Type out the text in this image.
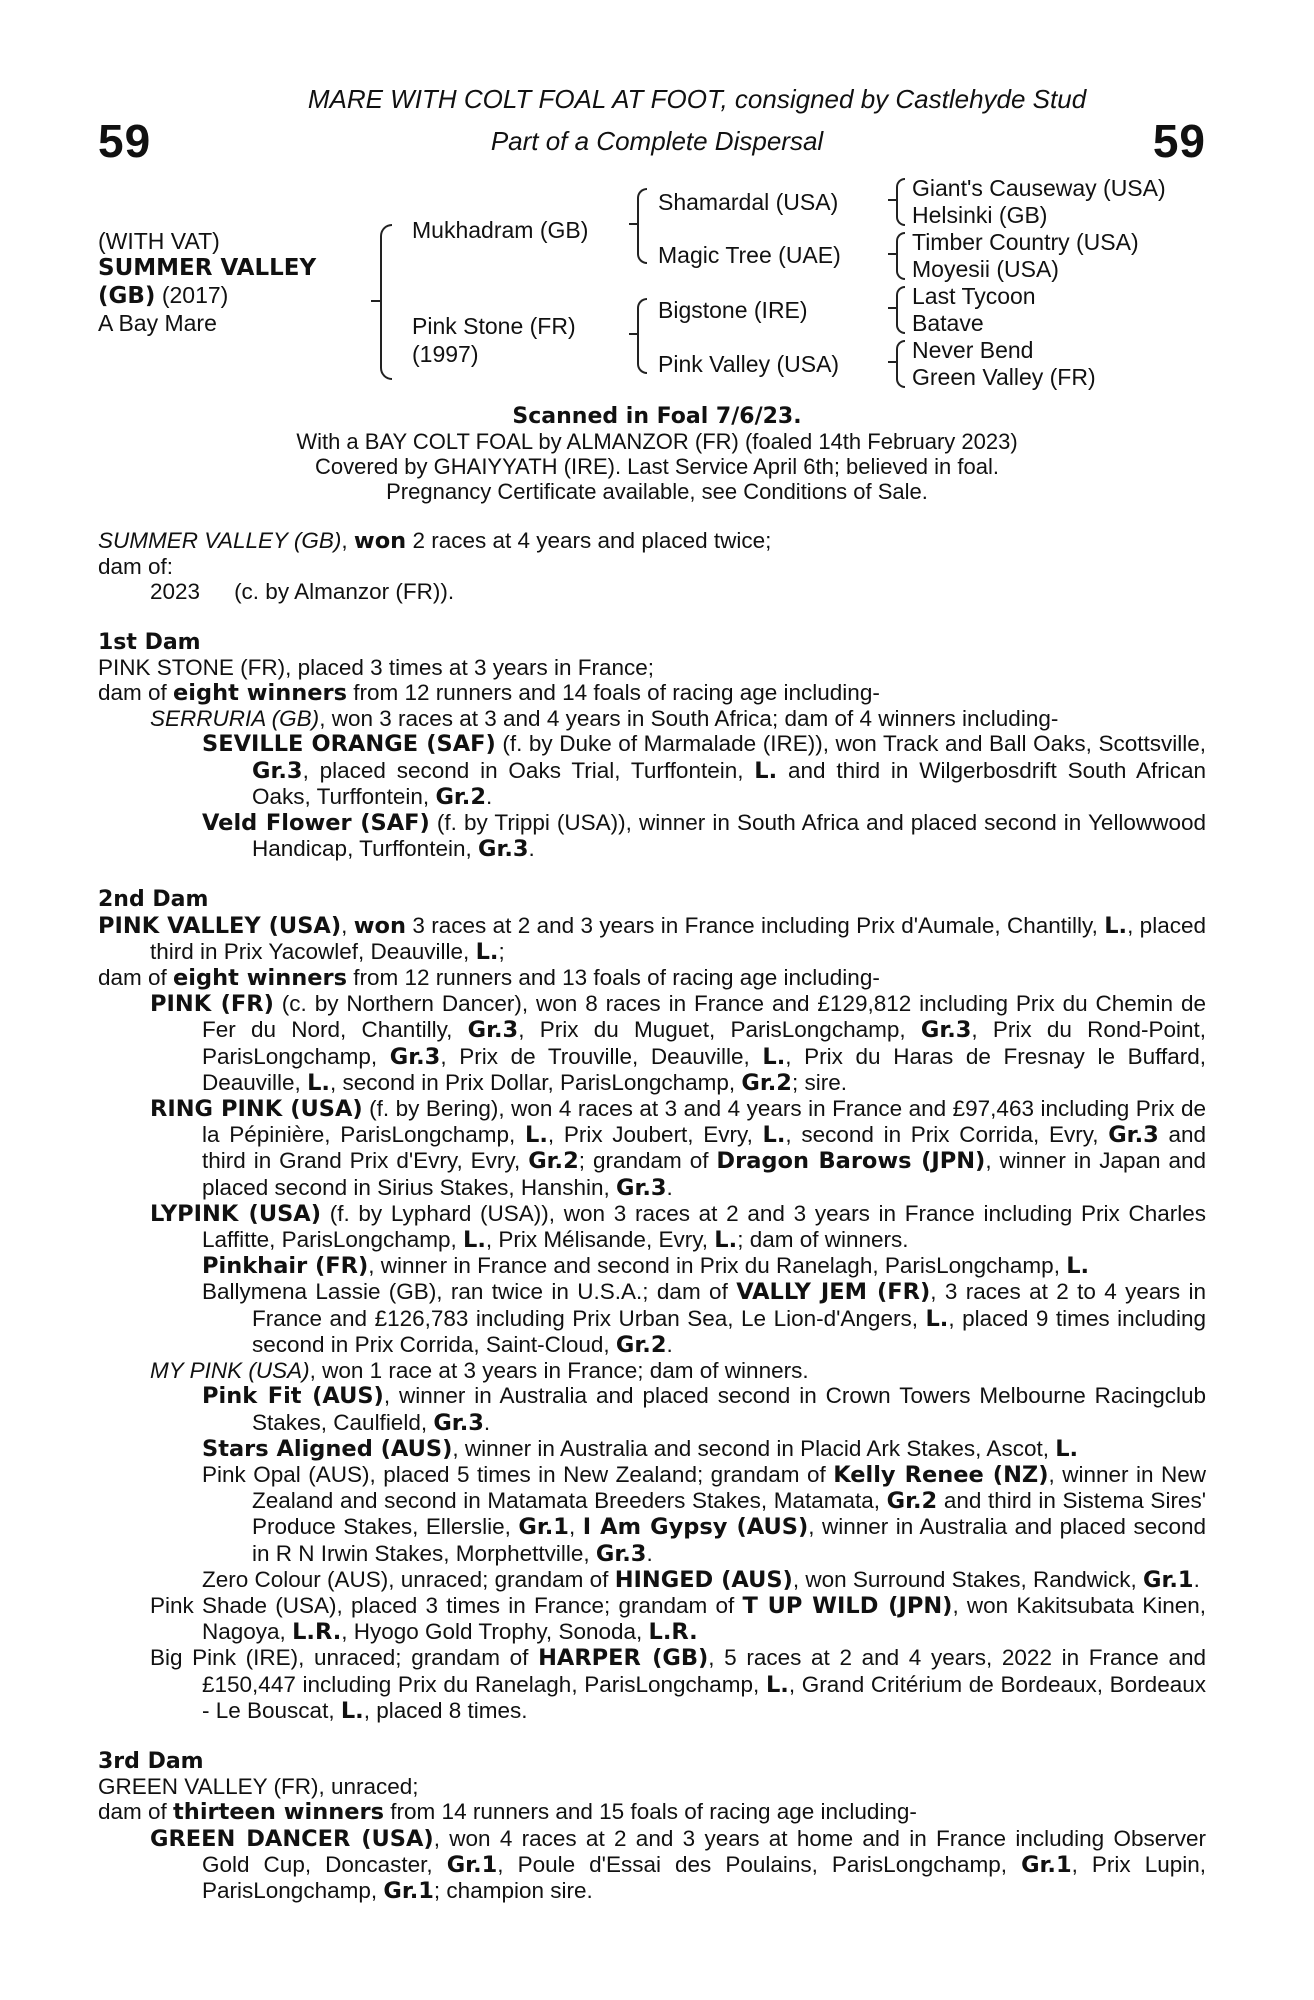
59	59
MARE WITH COLT FOAL AT FOOT, consigned by Castlehyde Stud
Part of a Complete Dispersal
(WITH VAT)
SUMMER VALLEY
(GB) (2017)
A Bay Mare
Mukhadram (GB)
Pink Stone (FR)
(1997)
Shamardal (USA)
Magic Tree (UAE)
Bigstone (IRE)
Pink Valley (USA)
Giant's Causeway (USA)
Helsinki (GB)
Timber Country (USA)
Moyesii (USA)
Last Tycoon
Batave
Never Bend
Green Valley (FR)
Scanned in Foal 7/6/23.
With a BAY COLT FOAL by ALMANZOR (FR) (foaled 14th February 2023)
Covered by GHAIYYATH (IRE). Last Service April 6th; believed in foal.
Pregnancy Certificate available, see Conditions of Sale.

SUMMER VALLEY (GB), won 2 races at 4 years and placed twice;

dam of:

2023 (c. by Almanzor (FR)).

1st Dam

PINK STONE (FR), placed 3 times at 3 years in France;

dam of eight winners from 12 runners and 14 foals of racing age including-

SERRURIA (GB), won 3 races at 3 and 4 years in South Africa; dam of 4 winners including-

SEVILLE ORANGE (SAF) (f. by Duke of Marmalade (IRE)), won Track and Ball Oaks, Scottsville, Gr.3, placed second in Oaks Trial, Turffontein, L. and third in Wilgerbosdrift South African Oaks, Turffontein, Gr.2.

Veld Flower (SAF) (f. by Trippi (USA)), winner in South Africa and placed second in Yellowwood Handicap, Turffontein, Gr.3.

2nd Dam

PINK VALLEY (USA), won 3 races at 2 and 3 years in France including Prix d'Aumale, Chantilly, L., placed third in Prix Yacowlef, Deauville, L.;

dam of eight winners from 12 runners and 13 foals of racing age including-

PINK (FR) (c. by Northern Dancer), won 8 races in France and £129,812 including Prix du Chemin de Fer du Nord, Chantilly, Gr.3, Prix du Muguet, ParisLongchamp, Gr.3, Prix du Rond-Point, ParisLongchamp, Gr.3, Prix de Trouville, Deauville, L., Prix du Haras de Fresnay le Buffard, Deauville, L., second in Prix Dollar, ParisLongchamp, Gr.2; sire.

RING PINK (USA) (f. by Bering), won 4 races at 3 and 4 years in France and £97,463 including Prix de la Pépinière, ParisLongchamp, L., Prix Joubert, Evry, L., second in Prix Corrida, Evry, Gr.3 and third in Grand Prix d'Evry, Evry, Gr.2; grandam of Dragon Barows (JPN), winner in Japan and placed second in Sirius Stakes, Hanshin, Gr.3.

LYPINK (USA) (f. by Lyphard (USA)), won 3 races at 2 and 3 years in France including Prix Charles Laffitte, ParisLongchamp, L., Prix Mélisande, Evry, L.; dam of winners.

Pinkhair (FR), winner in France and second in Prix du Ranelagh, ParisLongchamp, L.

Ballymena Lassie (GB), ran twice in U.S.A.; dam of VALLY JEM (FR), 3 races at 2 to 4 years in France and £126,783 including Prix Urban Sea, Le Lion-d'Angers, L., placed 9 times including second in Prix Corrida, Saint-Cloud, Gr.2.

MY PINK (USA), won 1 race at 3 years in France; dam of winners.

Pink Fit (AUS), winner in Australia and placed second in Crown Towers Melbourne Racingclub Stakes, Caulfield, Gr.3.

Stars Aligned (AUS), winner in Australia and second in Placid Ark Stakes, Ascot, L.

Pink Opal (AUS), placed 5 times in New Zealand; grandam of Kelly Renee (NZ), winner in New Zealand and second in Matamata Breeders Stakes, Matamata, Gr.2 and third in Sistema Sires' Produce Stakes, Ellerslie, Gr.1, I Am Gypsy (AUS), winner in Australia and placed second in R N Irwin Stakes, Morphettville, Gr.3.

Zero Colour (AUS), unraced; grandam of HINGED (AUS), won Surround Stakes, Randwick, Gr.1.

Pink Shade (USA), placed 3 times in France; grandam of T UP WILD (JPN), won Kakitsubata Kinen, Nagoya, L.R., Hyogo Gold Trophy, Sonoda, L.R.

Big Pink (IRE), unraced; grandam of HARPER (GB), 5 races at 2 and 4 years, 2022 in France and £150,447 including Prix du Ranelagh, ParisLongchamp, L., Grand Critérium de Bordeaux, Bordeaux - Le Bouscat, L., placed 8 times.

3rd Dam

GREEN VALLEY (FR), unraced;

dam of thirteen winners from 14 runners and 15 foals of racing age including-

GREEN DANCER (USA), won 4 races at 2 and 3 years at home and in France including Observer Gold Cup, Doncaster, Gr.1, Poule d'Essai des Poulains, ParisLongchamp, Gr.1, Prix Lupin, ParisLongchamp, Gr.1; champion sire.
